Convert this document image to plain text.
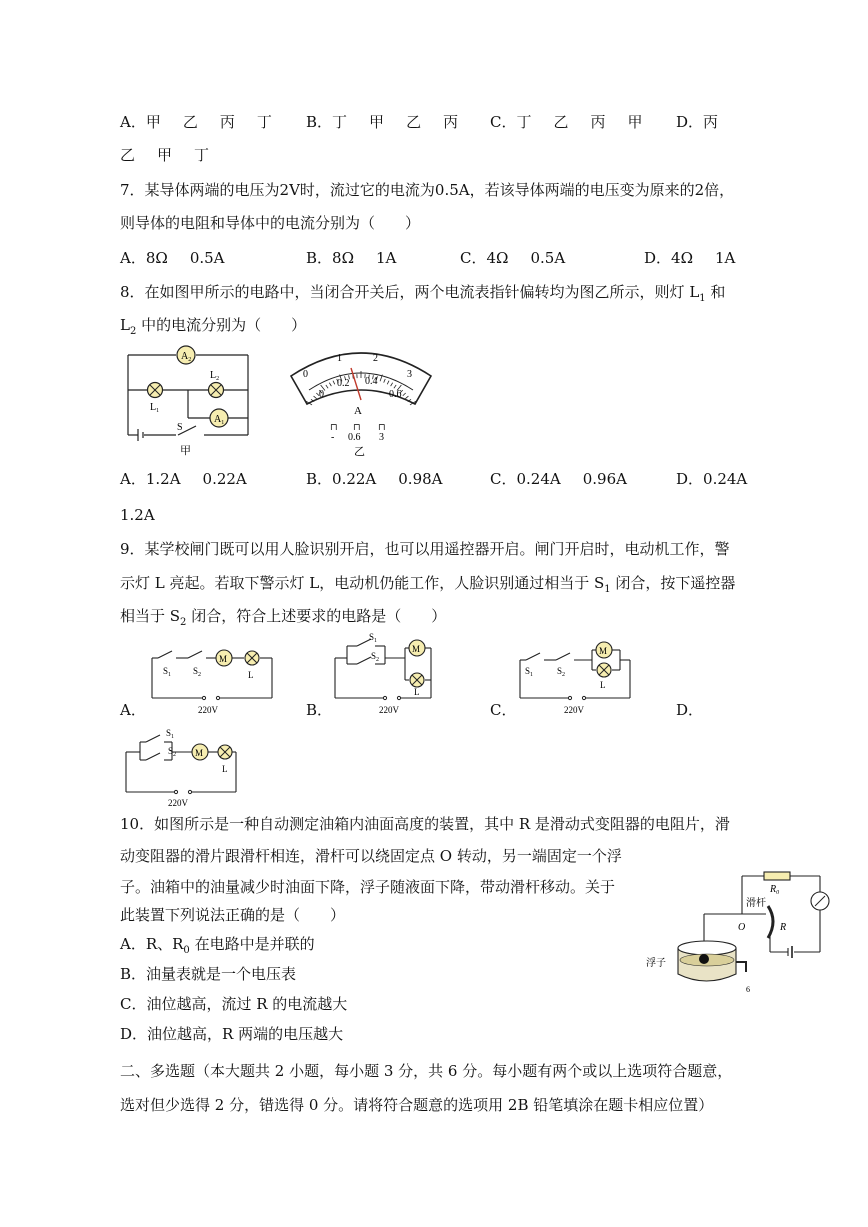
A．甲 乙 丙 丁 B．丁 甲 乙 丙 C．丁 乙 丙 甲 D．丙
乙 甲 丁
7．某导体两端的电压为2V时，流过它的电流为0.5A，若该导体两端的电压变为原来的2倍，
则导体的电阻和导体中的电流分别为（　　）
A．8Ω 0.5A	B．8Ω 1A	C．4Ω 0.5A	D．4Ω 1A
8．在如图甲所示的电路中，当闭合开关后，两个电流表指针偏转均为图乙所示，则灯 $L_1$ 和
$L_2$ 中的电流分别为（　　）
$A_2$
$L_1$
$L_2$
$A_1$
S
甲
0
1	2
3
0
0.2 0.4
0.6
A
⊓ ⊓ ⊓
- 0.6 3
乙
A．1.2A 0.22A	B．0.22A 0.98A	C．0.24A 0.96A	D．0.24A
1.2A
9．某学校闸门既可以用人脸识别开启，也可以用遥控器开启。闸门开启时，电动机工作，警
示灯 L 亮起。若取下警示灯 L，电动机仍能工作，人脸识别通过相当于 $S_1$ 闭合，按下遥控器
相当于 $S_2$ 闭合，符合上述要求的电路是（　　）
M
L
$S_1$ $S_2$
220V
A．
M
L
$S_1$
$S_2$
220V
B．
M
L
$S_1$	$S_2$
220V
C．	D．
M
L
$S_1$
$S_2$
220V
10．如图所示是一种自动测定油箱内油面高度的装置，其中 R 是滑动式变阻器的电阻片，滑
动变阻器的滑片跟滑杆相连，滑杆可以绕固定点 O 转动，另一端固定一个浮
子。油箱中的油量减少时油面下降，浮子随液面下降，带动滑杆移动。关于
此装置下列说法正确的是（　　）
A．R、$R_0$ 在电路中是并联的
B．油量表就是一个电压表
C．油位越高，流过 R 的电流越大
D．油位越高，R 两端的电压越大
$R_0$
R
滑杆
O
浮子
6
二、多选题（本大题共 2 小题，每小题 3 分，共 6 分。每小题有两个或以上选项符合题意，
选对但少选得 2 分，错选得 0 分。请将符合题意的选项用 2B 铅笔填涂在题卡相应位置）
